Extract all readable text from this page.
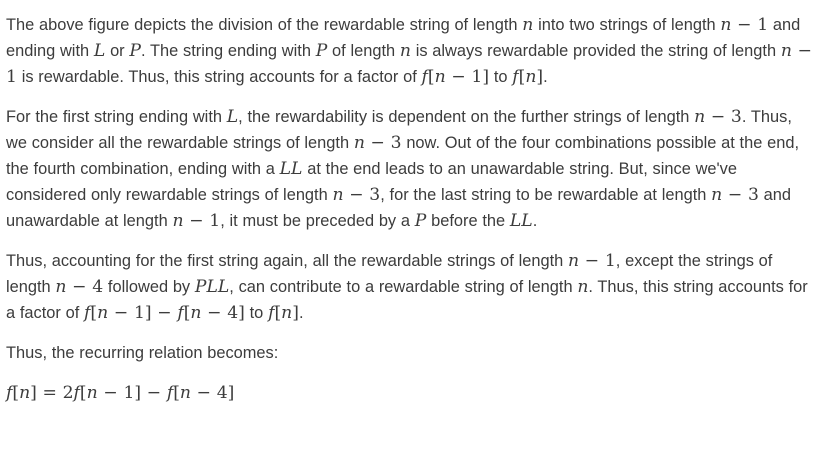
The above figure depicts the division of the rewardable string of length n into two strings of length n − 1 and ending with L or P. The string ending with P of length n is always rewardable provided the string of length n − 1 is rewardable. Thus, this string accounts for a factor of f[n − 1] to f[n].

For the first string ending with L, the rewardability is dependent on the further strings of length n − 3. Thus, we consider all the rewardable strings of length n − 3 now. Out of the four combinations possible at the end, the fourth combination, ending with a LL at the end leads to an unawardable string. But, since we've considered only rewardable strings of length n − 3, for the last string to be rewardable at length n − 3 and unawardable at length n − 1, it must be preceded by a P before the LL.

Thus, accounting for the first string again, all the rewardable strings of length n − 1, except the strings of length n − 4 followed by PLL, can contribute to a rewardable string of length n. Thus, this string accounts for a factor of f[n − 1] − f[n − 4] to f[n].

Thus, the recurring relation becomes:

f[n] = 2f[n − 1] − f[n − 4]
